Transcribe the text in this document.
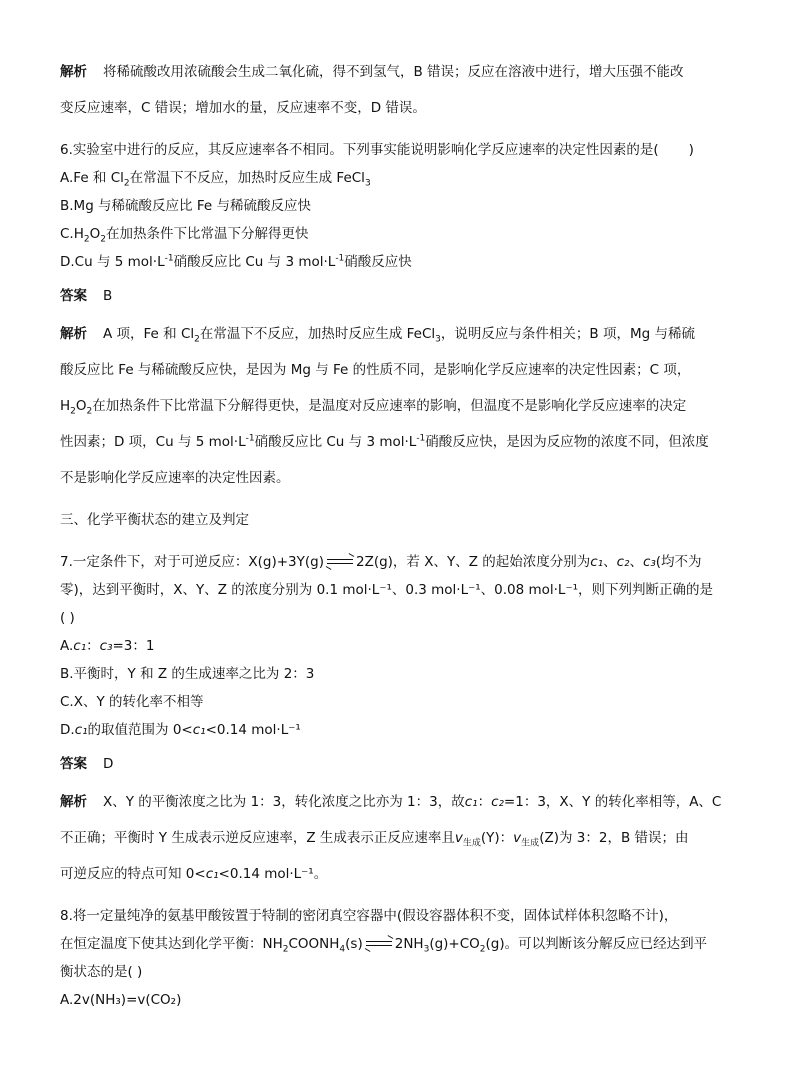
解析 将稀硫酸改用浓硫酸会生成二氧化硫，得不到氢气，B 错误；反应在溶液中进行，增大压强不能改
变反应速率，C 错误；增加水的量，反应速率不变，D 错误。
6.实验室中进行的反应，其反应速率各不相同。下列事实能说明影响化学反应速率的决定性因素的是( )
A.Fe 和 $Cl_2$在常温下不反应，加热时反应生成 FeCl$_3$
B.Mg 与稀硫酸反应比 Fe 与稀硫酸反应快
$C.H_2O_2$在加热条件下比常温下分解得更快
D.Cu 与 5 $mol\cdot L^{-1}$硝酸反应比 Cu 与 3 $mol\cdot L^{-1}$硝酸反应快
答案 B
解析 A 项，Fe 和 $Cl_2$在常温下不反应，加热时反应生成 FeCl$_3$，说明反应与条件相关；B 项，Mg 与稀硫
酸反应比 Fe 与稀硫酸反应快，是因为 Mg 与 Fe 的性质不同，是影响化学反应速率的决定性因素；C 项，
$H_2O_2$在加热条件下比常温下分解得更快，是温度对反应速率的影响，但温度不是影响化学反应速率的决定
性因素；D 项，Cu 与 5 $mol\cdot L^{-1}$硝酸反应比 Cu 与 3 $mol\cdot L^{-1}$硝酸反应快，是因为反应物的浓度不同，但浓度
不是影响化学反应速率的决定性因素。
三、化学平衡状态的建立及判定
7.一定条件下，对于可逆反应：X(g)+3Y(g) 2Z(g)，若 X、Y、Z 的起始浓度分别为c₁、c₂、c₃(均不为
零)，达到平衡时，X、Y、Z 的浓度分别为 0.1 mol·L⁻¹、0.3 mol·L⁻¹、0.08 mol·L⁻¹，则下列判断正确的是
( )
A.c₁：c₃=3：1
B.平衡时，Y 和 Z 的生成速率之比为 2：3
C.X、Y 的转化率不相等
D.c₁的取值范围为 0<c₁<0.14 mol·L⁻¹
答案 D
解析 X、Y 的平衡浓度之比为 1：3，转化浓度之比亦为 1：3，故c₁：c₂=1：3，X、Y 的转化率相等，A、C
不正确；平衡时 Y 生成表示逆反应速率，Z 生成表示正反应速率且$v_{生成}(Y)$：$v_{生成}(Z)$为 3：2，B 错误；由
可逆反应的特点可知 0<c₁<0.14 mol·L⁻¹。
8.将一定量纯净的氨基甲酸铵置于特制的密闭真空容器中(假设容器体积不变，固体试样体积忽略不计)，
在恒定温度下使其达到化学平衡：$NH_2COONH_4(s)$ $2NH_3(g)+CO_2(g)$。可以判断该分解反应已经达到平
衡状态的是( )
A.2v(NH₃)=v(CO₂)
